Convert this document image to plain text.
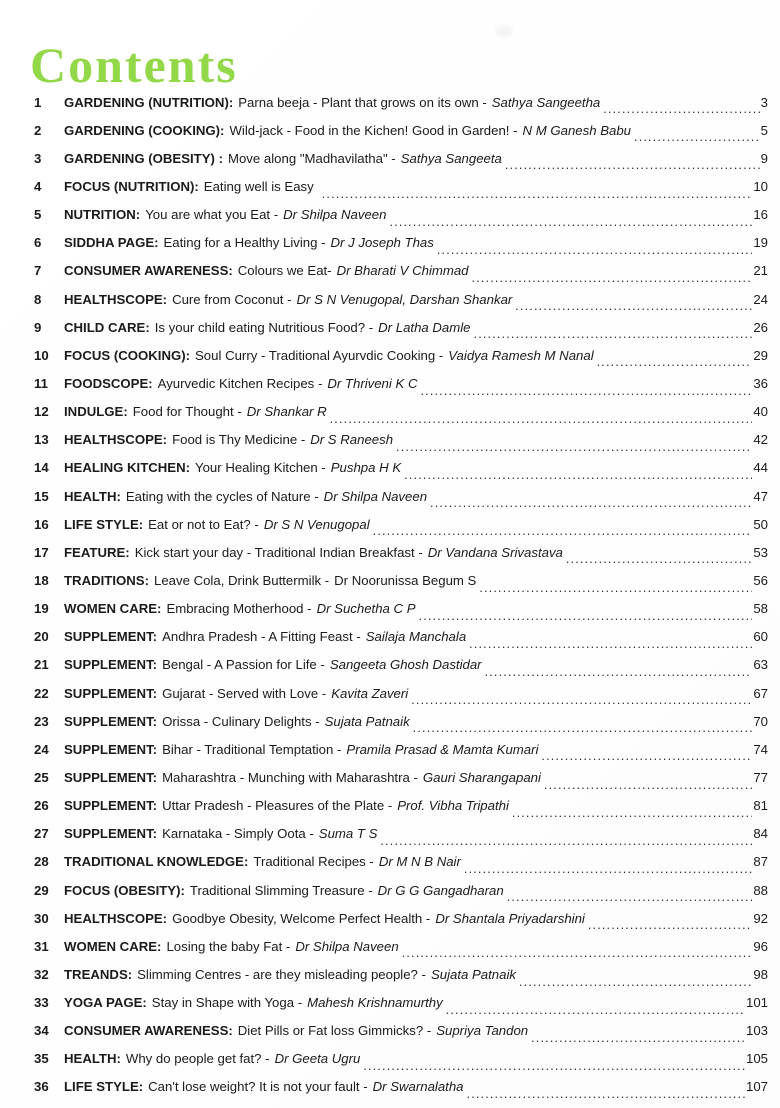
Contents
1	GARDENING (NUTRITION): Parna beeja - Plant that grows on its own - Sathya Sangeetha .....	3
2	GARDENING (COOKING): Wild-jack - Food in the Kichen! Good in Garden! - N M Ganesh Babu .....	5
3	GARDENING (OBESITY) : Move along "Madhavilatha" - Sathya Sangeeta .....	9
4	FOCUS (NUTRITION): Eating well is Easy .....	10
5	NUTRITION: You are what you Eat - Dr Shilpa Naveen .....	16
6	SIDDHA PAGE: Eating for a Healthy Living - Dr J Joseph Thas .....	19
7	CONSUMER AWARENESS: Colours we Eat- Dr Bharati V Chimmad .....	21
8	HEALTHSCOPE: Cure from Coconut - Dr S N Venugopal, Darshan Shankar .....	24
9	CHILD CARE: Is your child eating Nutritious Food? - Dr Latha Damle .....	26
10	FOCUS (COOKING): Soul Curry - Traditional Ayurvdic Cooking - Vaidya Ramesh M Nanal .....	29
11	FOODSCOPE: Ayurvedic Kitchen Recipes - Dr Thriveni K C .....	36
12	INDULGE: Food for Thought - Dr Shankar R .....	40
13	HEALTHSCOPE: Food is Thy Medicine - Dr S Raneesh .....	42
14	HEALING KITCHEN: Your Healing Kitchen - Pushpa H K .....	44
15	HEALTH: Eating with the cycles of Nature - Dr Shilpa Naveen .....	47
16	LIFE STYLE: Eat or not to Eat? - Dr S N Venugopal .....	50
17	FEATURE: Kick start your day - Traditional Indian Breakfast - Dr Vandana Srivastava .....	53
18	TRADITIONS: Leave Cola, Drink Buttermilk - Dr Noorunissa Begum S .....	56
19	WOMEN CARE: Embracing Motherhood - Dr Suchetha C P .....	58
20	SUPPLEMENT: Andhra Pradesh - A Fitting Feast - Sailaja Manchala .....	60
21	SUPPLEMENT: Bengal - A Passion for Life - Sangeeta Ghosh Dastidar .....	63
22	SUPPLEMENT: Gujarat - Served with Love - Kavita Zaveri .....	67
23	SUPPLEMENT: Orissa - Culinary Delights - Sujata Patnaik .....	70
24	SUPPLEMENT: Bihar - Traditional Temptation - Pramila Prasad & Mamta Kumari .....	74
25	SUPPLEMENT: Maharashtra - Munching with Maharashtra - Gauri Sharangapani .....	77
26	SUPPLEMENT: Uttar Pradesh - Pleasures of the Plate - Prof. Vibha Tripathi .....	81
27	SUPPLEMENT: Karnataka - Simply Oota - Suma T S .....	84
28	TRADITIONAL KNOWLEDGE: Traditional Recipes - Dr M N B Nair .....	87
29	FOCUS (OBESITY): Traditional Slimming Treasure - Dr G G Gangadharan .....	88
30	HEALTHSCOPE: Goodbye Obesity, Welcome Perfect Health - Dr Shantala Priyadarshini .....	92
31	WOMEN CARE: Losing the baby Fat - Dr Shilpa Naveen .....	96
32	TREANDS: Slimming Centres - are they misleading people? - Sujata Patnaik .....	98
33	YOGA PAGE: Stay in Shape with Yoga - Mahesh Krishnamurthy .....	101
34	CONSUMER AWARENESS: Diet Pills or Fat loss Gimmicks? - Supriya Tandon .....	103
35	HEALTH: Why do people get fat? - Dr Geeta Ugru .....	105
36	LIFE STYLE: Can't lose weight? It is not your fault - Dr Swarnalatha .....	107
